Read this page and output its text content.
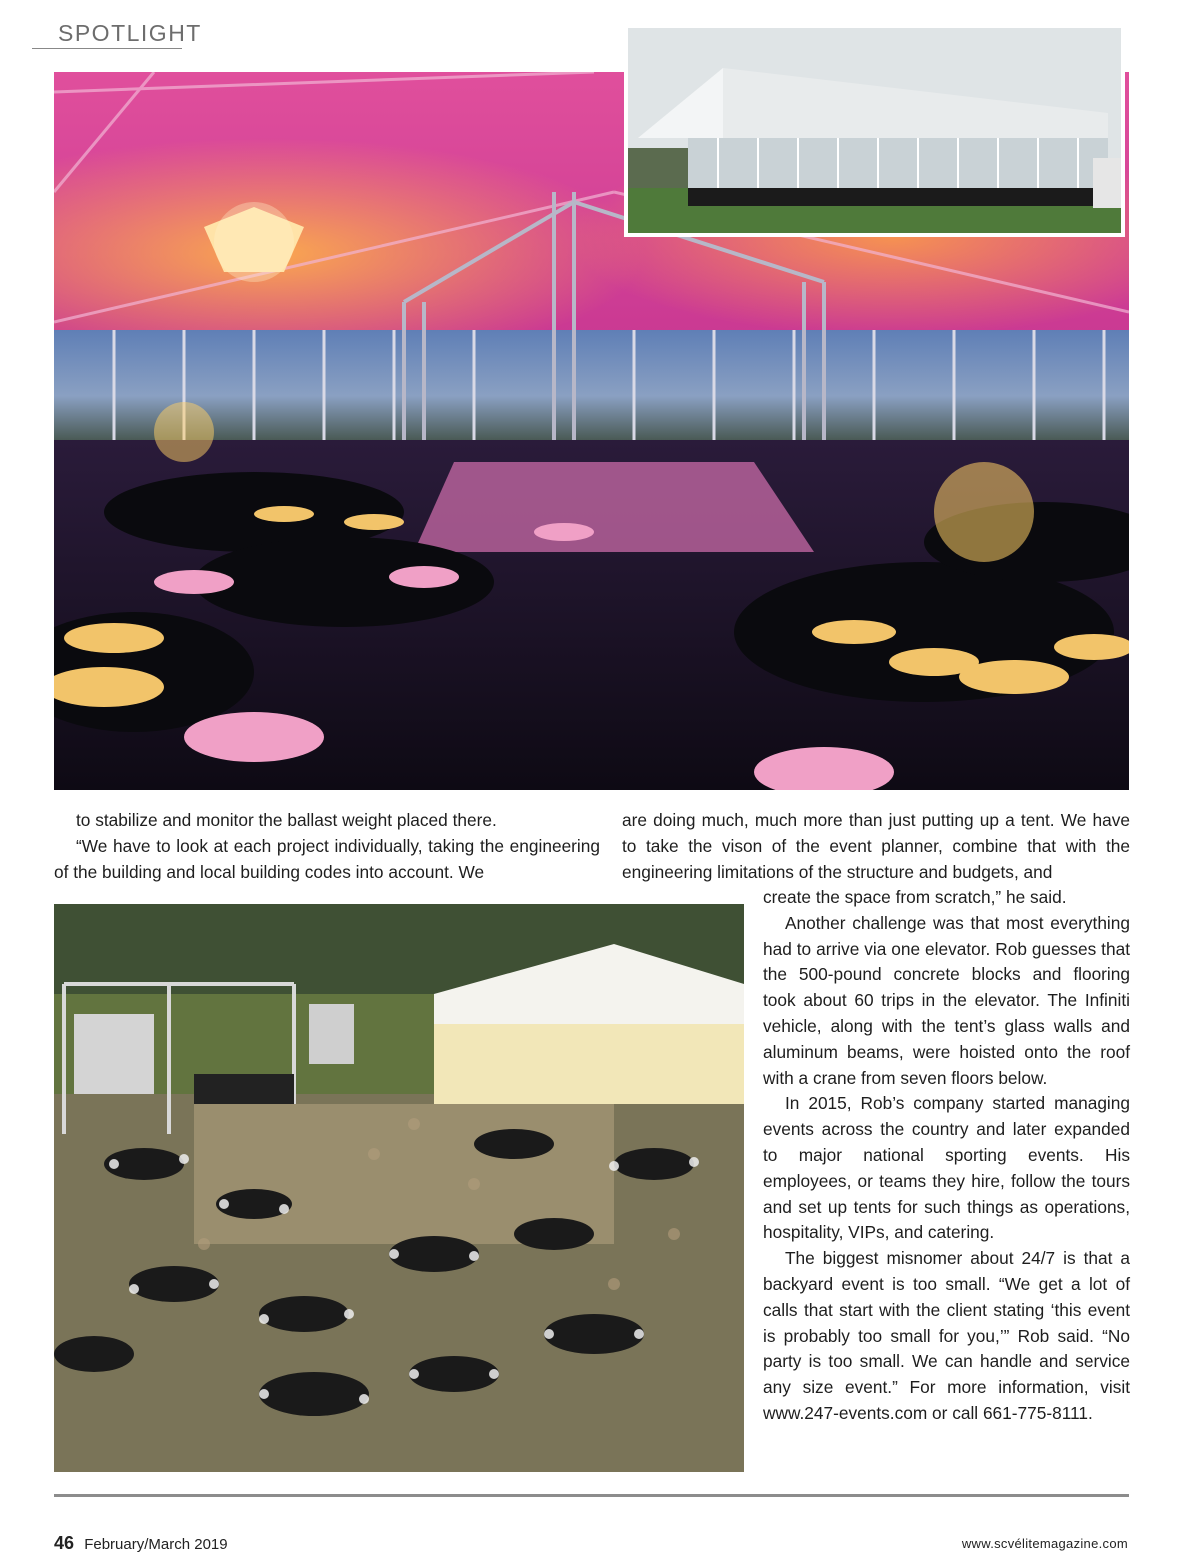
SPOTLIGHT

to stabilize and monitor the ballast weight placed there.

“We have to look at each project individually, taking the engineering of the building and local building codes into account. We

are doing much, much more than just putting up a tent. We have to take the vison of the event planner, combine that with the engineering limitations of the structure and budgets, and

create the space from scratch,” he said.

Another challenge was that most everything had to arrive via one elevator. Rob guesses that the 500-pound concrete blocks and flooring took about 60 trips in the elevator. The Infiniti vehicle, along with the tent’s glass walls and aluminum beams, were hoisted onto the roof with a crane from seven floors below.

In 2015, Rob’s company started managing events across the country and later expanded to major national sporting events. His employees, or teams they hire, follow the tours and set up tents for such things as operations, hospitality, VIPs, and catering.

The biggest misnomer about 24/7 is that a backyard event is too small. “We get a lot of calls that start with the client stating ‘this event is probably too small for you,’” Rob said. “No party is too small. We can handle and service any size event.” For more information, visit www.247-events.com or call 661-775-8111.

46 February/March 2019	www.scvélitemagazine.com
